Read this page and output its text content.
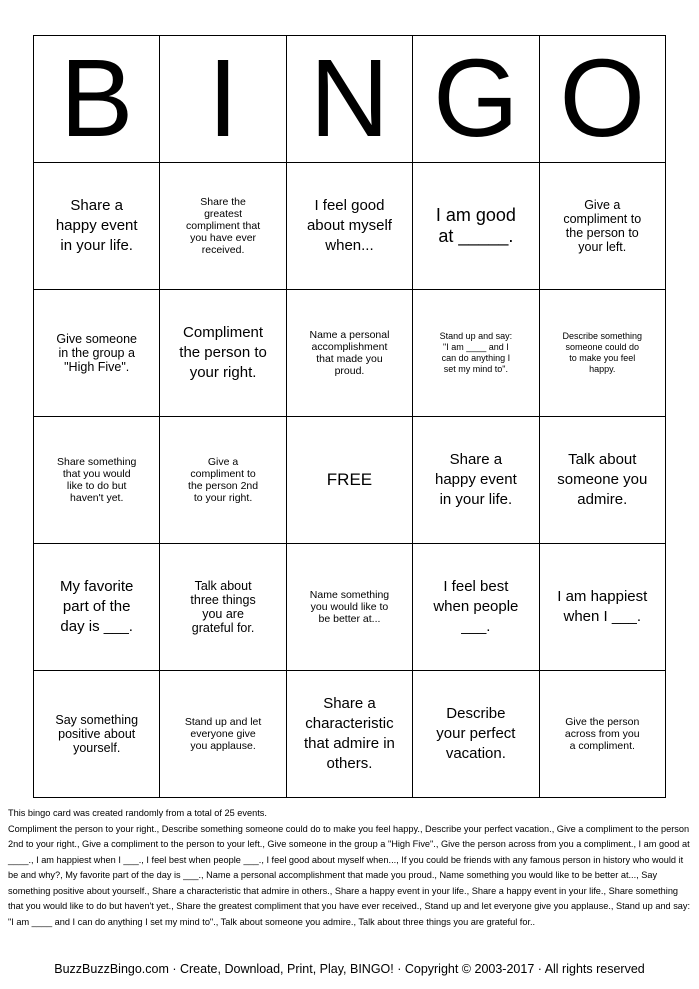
B	I	N	G	O

Share a happy event in your life.	Share the greatest compliment that you have ever received.	I feel good about myself when...	I am good at _____.	Give a compliment to the person to your left.

Give someone in the group a "High Five".	Compliment the person to your right.	Name a personal accomplishment that made you proud.	Stand up and say: "I am ____ and I can do anything I set my mind to".	Describe something someone could do to make you feel happy.

Share something that you would like to do but haven't yet.	Give a compliment to the person 2nd to your right.	FREE	Share a happy event in your life.	Talk about someone you admire.

My favorite part of the day is ___.	Talk about three things you are grateful for.	Name something you would like to be better at...	I feel best when people ___.	I am happiest when I ___.

Say something positive about yourself.	Stand up and let everyone give you applause.	Share a characteristic that admire in others.	Describe your perfect vacation.	Give the person across from you a compliment.
This bingo card was created randomly from a total of 25 events.
Compliment the person to your right., Describe something someone could do to make you feel happy., Describe your perfect vacation., Give a compliment to the person 2nd to your right., Give a compliment to the person to your left., Give someone in the group a "High Five"., Give the person across from you a compliment., I am good at ____., I am happiest when I ___., I feel best when people ___., I feel good about myself when..., If you could be friends with any famous person in history who would it be and why?, My favorite part of the day is ___., Name a personal accomplishment that made you proud., Name something you would like to be better at..., Say something positive about yourself., Share a characteristic that admire in others., Share a happy event in your life., Share a happy event in your life., Share something that you would like to do but haven't yet., Share the greatest compliment that you have ever received., Stand up and let everyone give you applause., Stand up and say: "I am ____ and I can do anything I set my mind to"., Talk about someone you admire., Talk about three things you are grateful for..
BuzzBuzzBingo.com · Create, Download, Print, Play, BINGO! · Copyright © 2003-2017 · All rights reserved
